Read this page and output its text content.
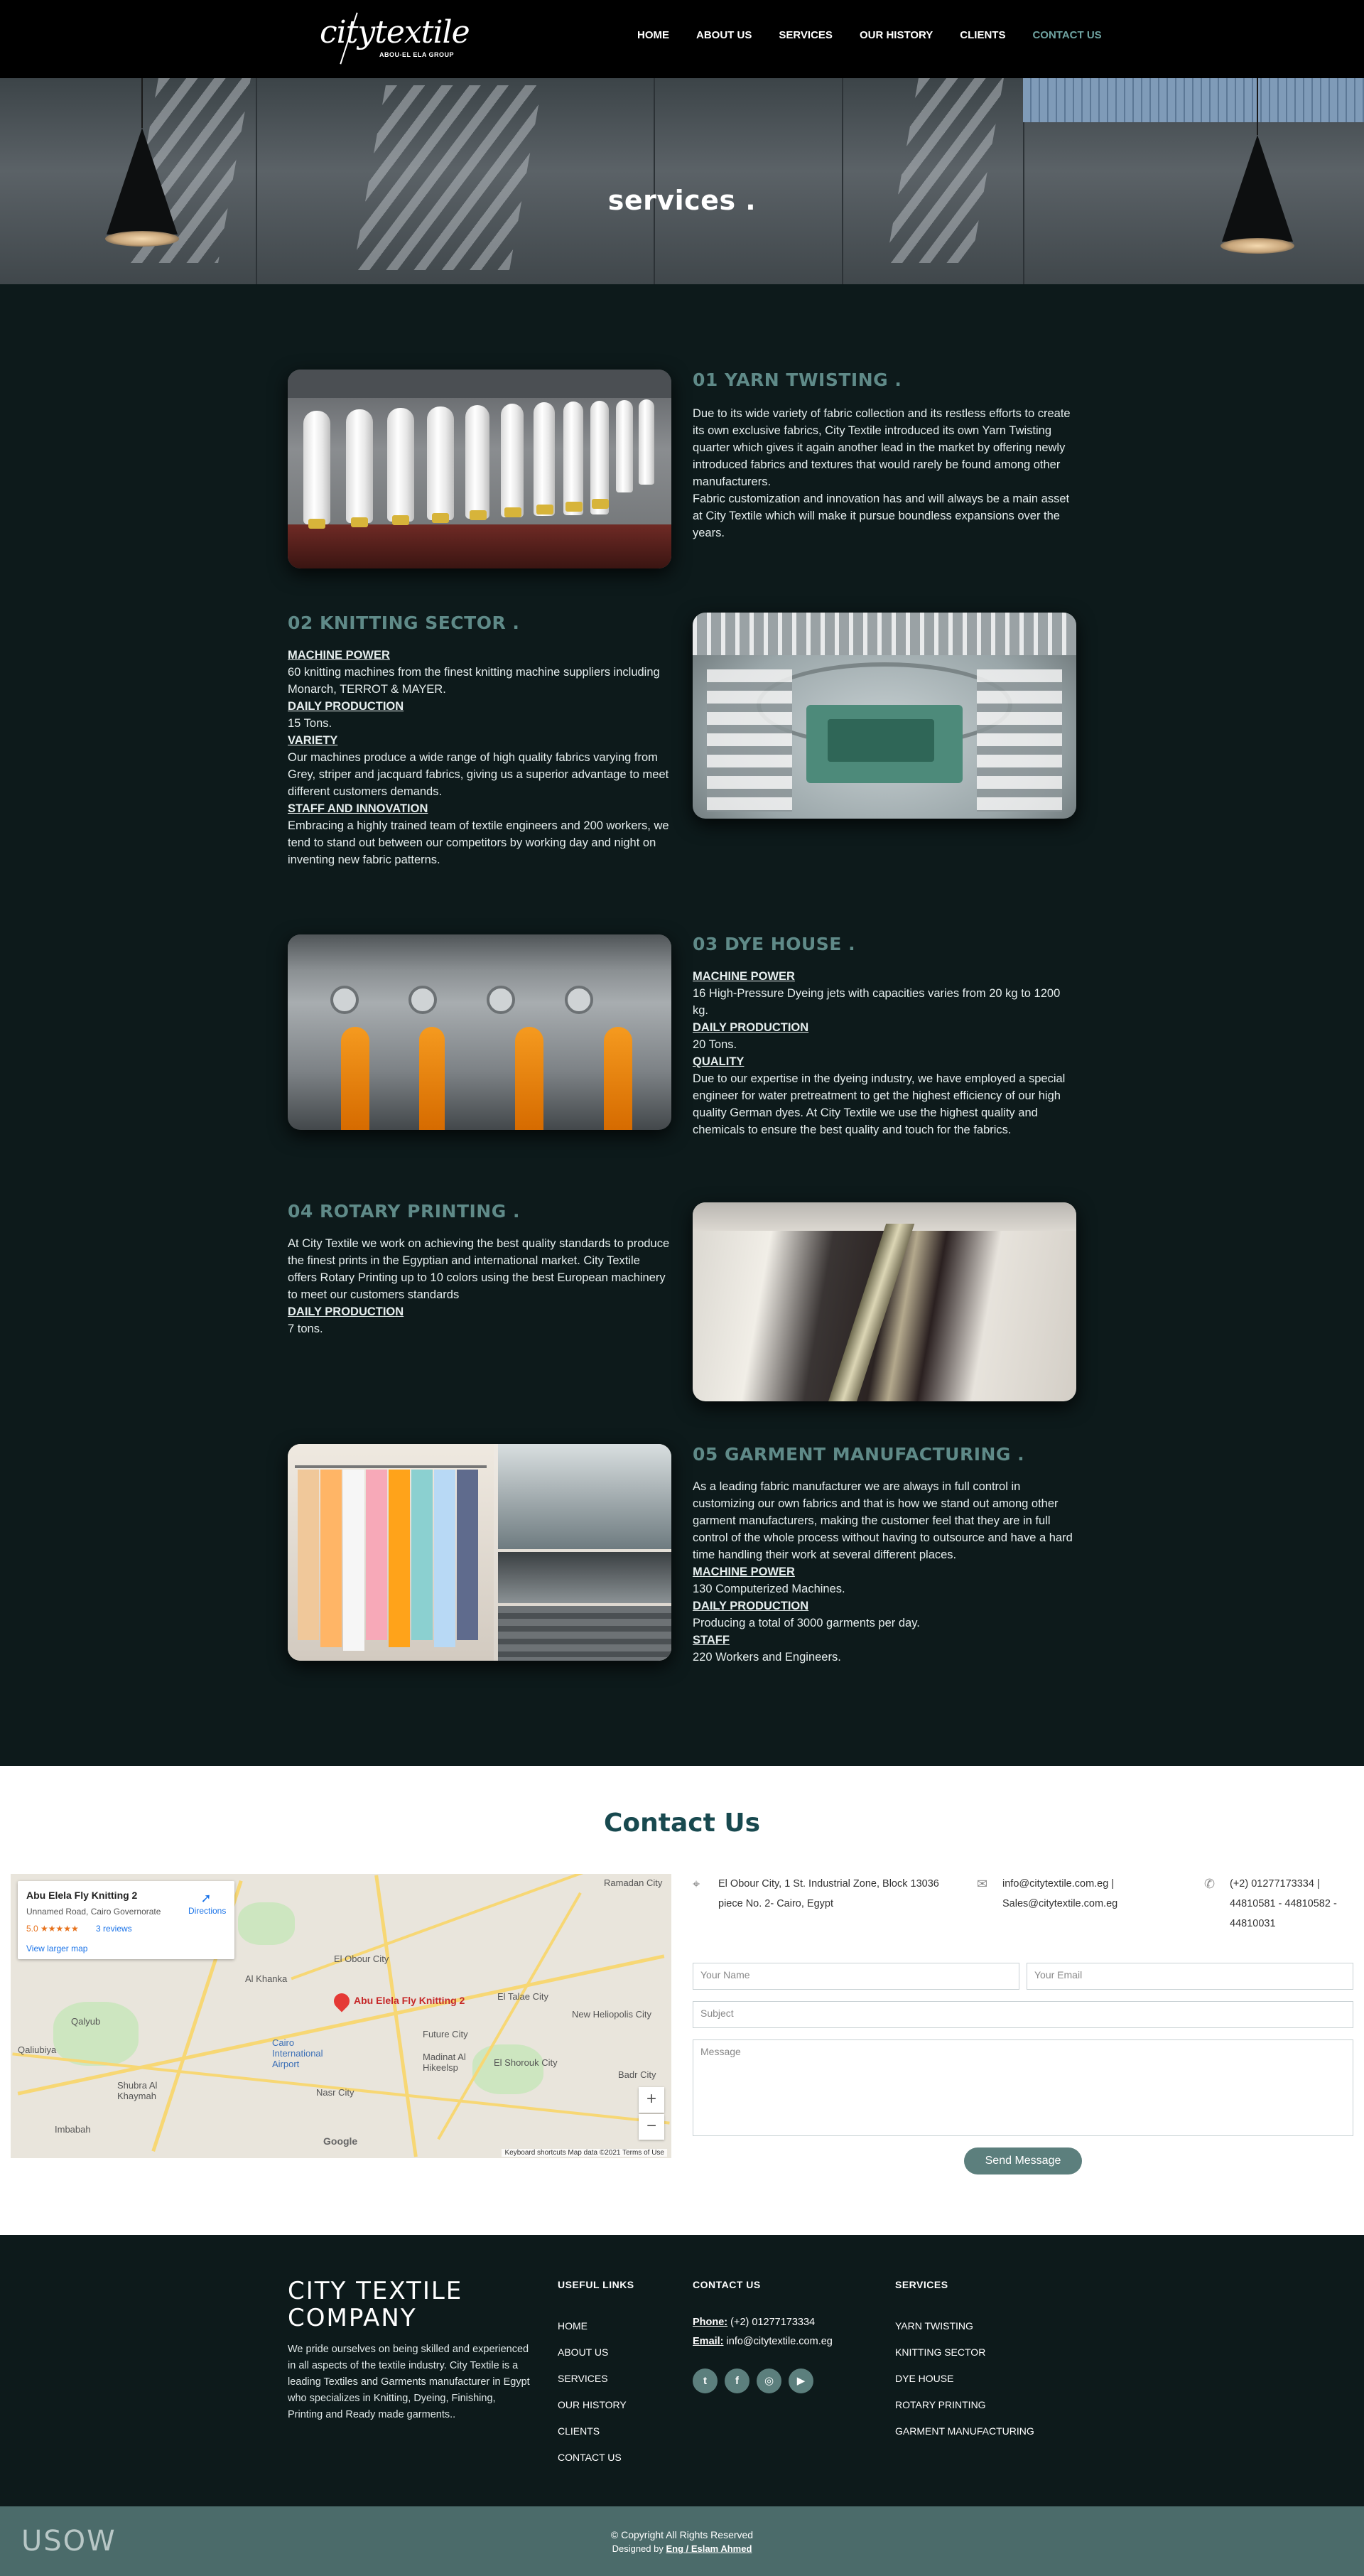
citytextile
ABOU-EL ELA GROUP
HOME	ABOUT US	SERVICES	OUR HISTORY	CLIENTS	CONTACT US
services .
01 YARN TWISTING .

Due to its wide variety of fabric collection and its restless efforts to create its own exclusive fabrics, City Textile introduced its own Yarn Twisting quarter which gives it again another lead in the market by offering newly introduced fabrics and textures that would rarely be found among other manufacturers.

Fabric customization and innovation has and will always be a main asset at City Textile which will make it pursue boundless expansions over the years.

02 KNITTING SECTOR .

MACHINE POWER

60 knitting machines from the finest knitting machine suppliers including Monarch, TERROT & MAYER.

DAILY PRODUCTION

15 Tons.

VARIETY

Our machines produce a wide range of high quality fabrics varying from Grey, striper and jacquard fabrics, giving us a superior advantage to meet different customers demands.

STAFF AND INNOVATION

Embracing a highly trained team of textile engineers and 200 workers, we tend to stand out between our competitors by working day and night on inventing new fabric patterns.

03 DYE HOUSE .

MACHINE POWER

16 High-Pressure Dyeing jets with capacities varies from 20 kg to 1200 kg.

DAILY PRODUCTION

20 Tons.

QUALITY

Due to our expertise in the dyeing industry, we have employed a special engineer for water pretreatment to get the highest efficiency of our high quality German dyes. At City Textile we use the highest quality and chemicals to ensure the best quality and touch for the fabrics.

04 ROTARY PRINTING .

At City Textile we work on achieving the best quality standards to produce the finest prints in the Egyptian and international market. City Textile offers Rotary Printing up to 10 colors using the best European machinery to meet our customers standards

DAILY PRODUCTION

7 tons.

05 GARMENT MANUFACTURING .

As a leading fabric manufacturer we are always in full control in customizing our own fabrics and that is how we stand out among other garment manufacturers, making the customer feel that they are in full control of the whole process without having to outsource and have a hard time handling their work at several different places.

MACHINE POWER

130 Computerized Machines.

DAILY PRODUCTION

Producing a total of 3000 garments per day.

STAFF

220 Workers and Engineers.

Contact Us
Ramadan City
El Obour City
El Talae City
Cairo International Airport	El Shorouk City
Future City
New Heliopolis City
Badr City
Shubra Al Khaymah
Imbabah
Qalyub
Al Khanka
Nasr City
Qaliubiya
Madinat Al Hikeelsp
Abu Elela Fly Knitting 2
Unnamed Road, Cairo Governorate
5.0 ★★★★★ 3 reviews
View larger map
➚
Directions
Abu Elela Fly Knitting 2
+
−
Google
Keyboard shortcuts Map data ©2021 Terms of Use
⌖	El Obour City, 1 St. Industrial Zone, Block 13036 piece No. 2- Cairo, Egypt
✉	info@citytextile.com.eg | Sales@citytextile.com.eg
✆	(+2) 01277173334 | 44810581 - 44810582 - 44810031
Your Name	Your Email
Subject
Message
Send Message
CITY TEXTILE COMPANY

We pride ourselves on being skilled and experienced in all aspects of the textile industry. City Textile is a leading Textiles and Garments manufacturer in Egypt who specializes in Knitting, Dyeing, Finishing, Printing and Ready made garments..

USEFUL LINKS
HOME
ABOUT US
SERVICES
OUR HISTORY
CLIENTS
CONTACT US
CONTACT US
Phone: (+2) 01277173334
Email: info@citytextile.com.eg
t	f	◎	▶
SERVICES
YARN TWISTING
KNITTING SECTOR
DYE HOUSE
ROTARY PRINTING
GARMENT MANUFACTURING
ꓴꓢꓳꓪ	© Copyright All Rights Reserved
Designed by Eng / Eslam Ahmed
